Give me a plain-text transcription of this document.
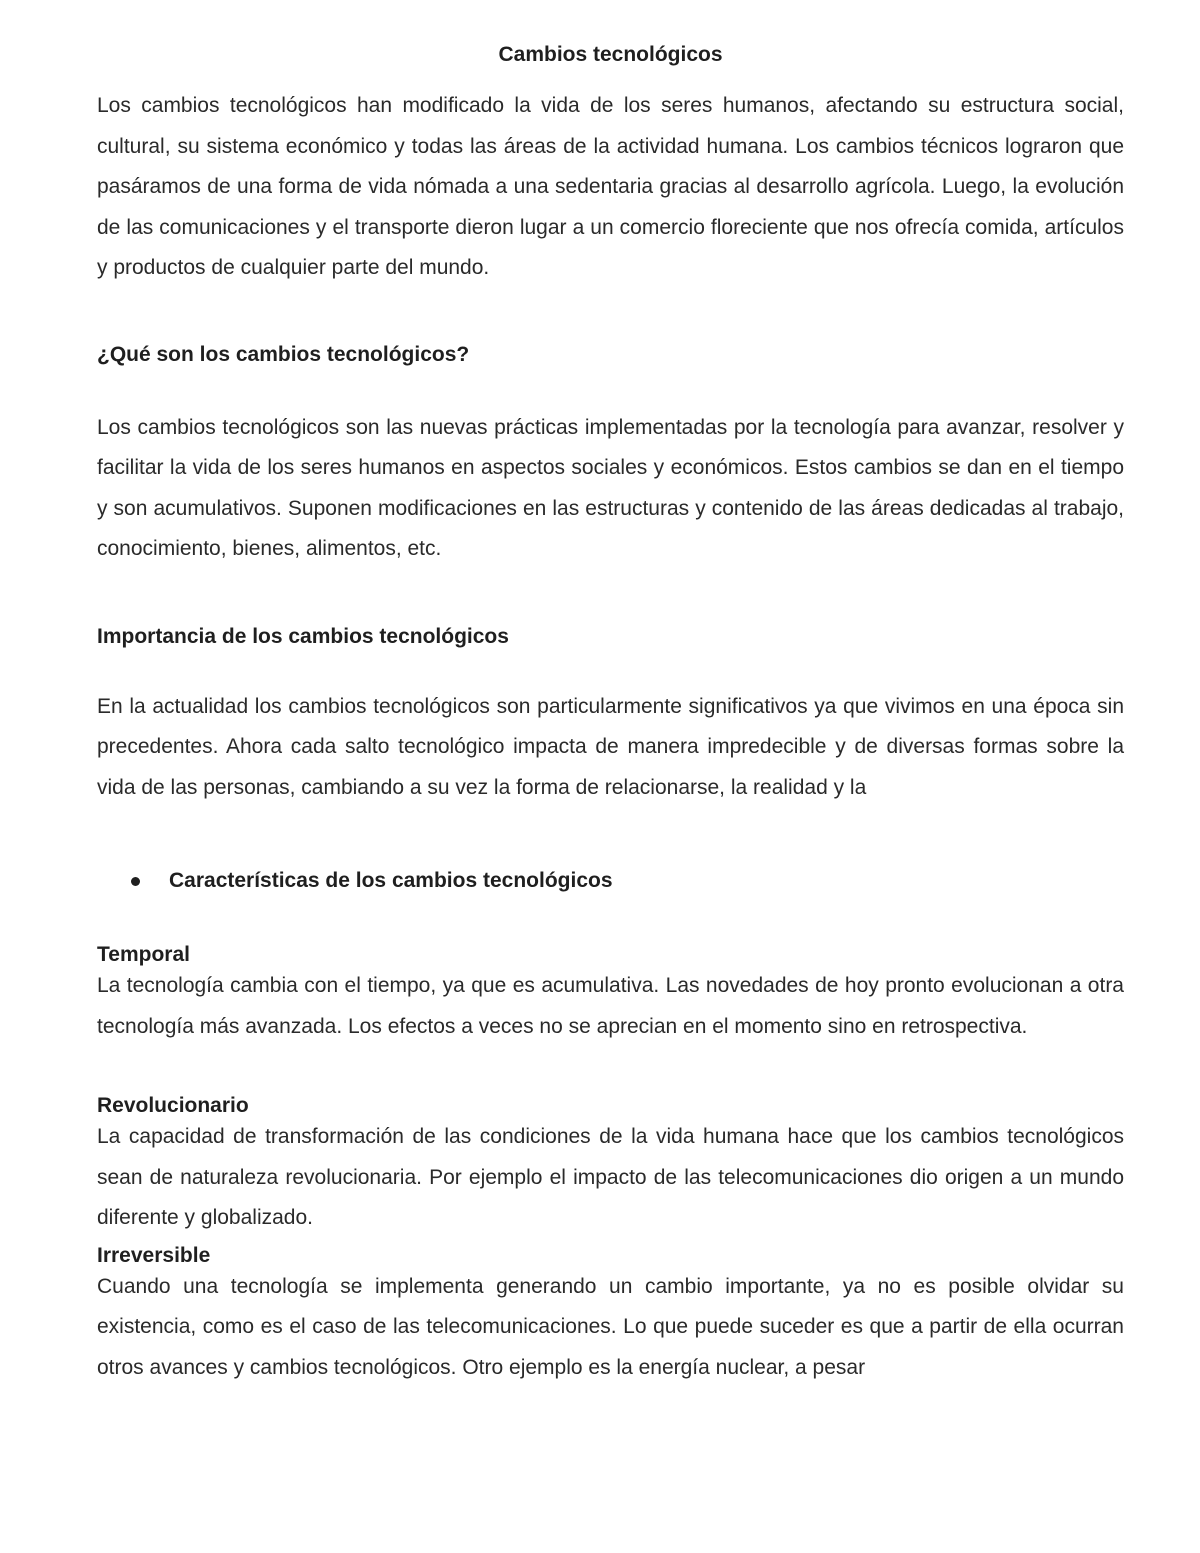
Cambios tecnológicos

Los cambios tecnológicos han modificado la vida de los seres humanos, afectando su estructura social, cultural, su sistema económico y todas las áreas de la actividad humana. Los cambios técnicos lograron que pasáramos de una forma de vida nómada a una sedentaria gracias al desarrollo agrícola. Luego, la evolución de las comunicaciones y el transporte dieron lugar a un comercio floreciente que nos ofrecía comida, artículos y productos de cualquier parte del mundo.

¿Qué son los cambios tecnológicos?

Los cambios tecnológicos son las nuevas prácticas implementadas por la tecnología para avanzar, resolver y facilitar la vida de los seres humanos en aspectos sociales y económicos. Estos cambios se dan en el tiempo y son acumulativos. Suponen modificaciones en las estructuras y contenido de las áreas dedicadas al trabajo, conocimiento, bienes, alimentos, etc.

Importancia de los cambios tecnológicos

En la actualidad los cambios tecnológicos son particularmente significativos ya que vivimos en una época sin precedentes. Ahora cada salto tecnológico impacta de manera impredecible y de diversas formas sobre la vida de las personas, cambiando a su vez la forma de relacionarse, la realidad y la

Características de los cambios tecnológicos
Temporal

La tecnología cambia con el tiempo, ya que es acumulativa. Las novedades de hoy pronto evolucionan a otra tecnología más avanzada. Los efectos a veces no se aprecian en el momento sino en retrospectiva.

Revolucionario

La capacidad de transformación de las condiciones de la vida humana hace que los cambios tecnológicos sean de naturaleza revolucionaria. Por ejemplo el impacto de las telecomunicaciones dio origen a un mundo diferente y globalizado.

Irreversible

Cuando una tecnología se implementa generando un cambio importante, ya no es posible olvidar su existencia, como es el caso de las telecomunicaciones. Lo que puede suceder es que a partir de ella ocurran otros avances y cambios tecnológicos. Otro ejemplo es la energía nuclear, a pesar
